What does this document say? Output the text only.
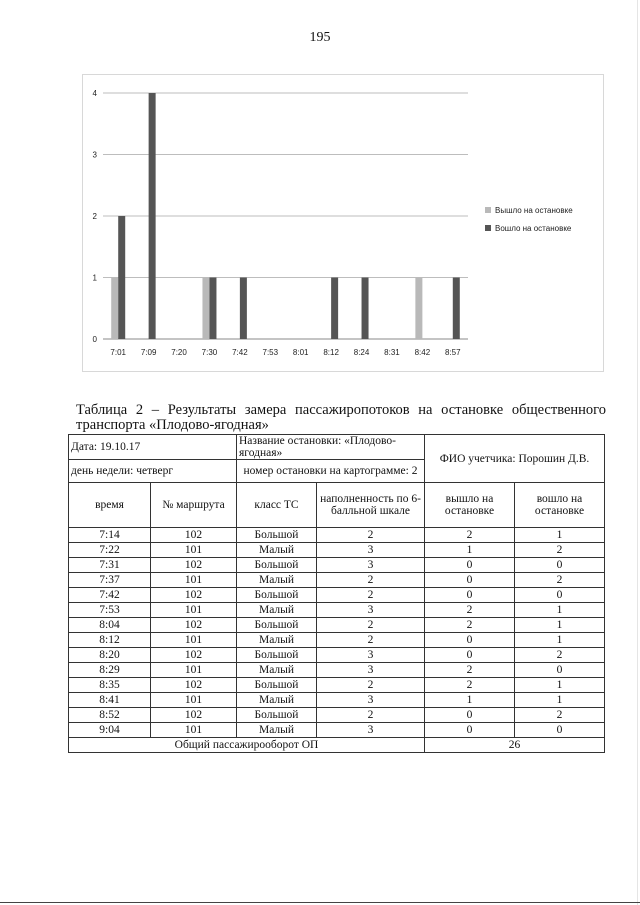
195
0
1
2
3
4
7:01 7:09 7:20 7:30 7:42 7:53 8:01 8:12 8:24 8:31 8:42 8:57
Вышло на остановке
Вошло на остановке
Таблица 2 – Результаты замера пассажиропотоков на остановке общественного транспорта «Плодово-ягодная»
Дата: 19.10.17		Название остановки: «Плодово-ягодная»		ФИО учетчика: Порошин Д.В.	
день недели: четверг		номер остановки на картограмме: 2			
время	№ маршрута	класс ТС	наполненность по 6-балльной шкале	вышло на остановке	вошло на остановке
7:14	102	Большой	2	2	1
7:22	101	Малый	3	1	2
7:31	102	Большой	3	0	0
7:37	101	Малый	2	0	2
7:42	102	Большой	2	0	0
7:53	101	Малый	3	2	1
8:04	102	Большой	2	2	1
8:12	101	Малый	2	0	1
8:20	102	Большой	3	0	2
8:29	101	Малый	3	2	0
8:35	102	Большой	2	2	1
8:41	101	Малый	3	1	1
8:52	102	Большой	2	0	2
9:04	101	Малый	3	0	0
Общий пассажирооборот ОП				26	
